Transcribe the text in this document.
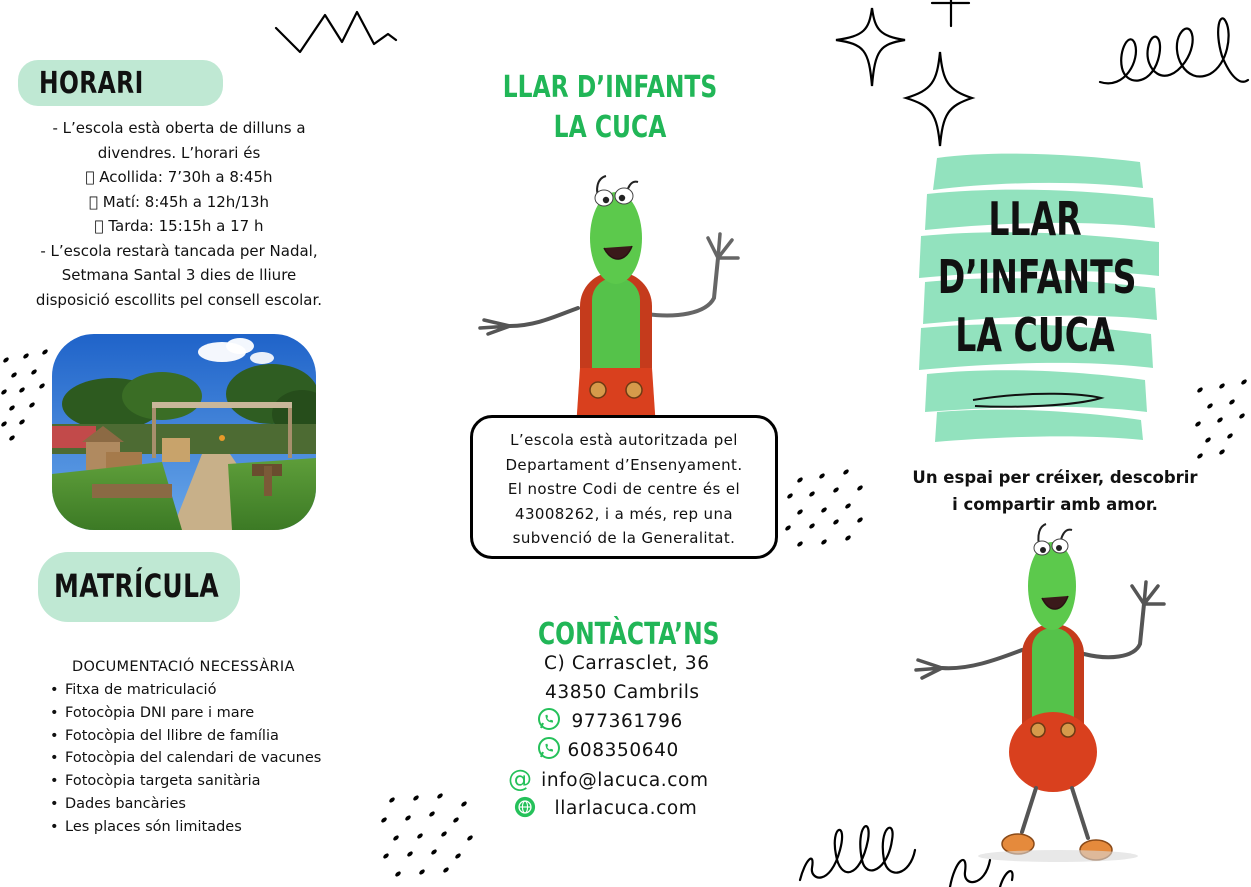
HORARI
- L’escola està oberta de dilluns a
divendres. L’horari és
  Acollida: 7’30h a 8:45h
  Matí: 8:45h a 12h/13h
  Tarda: 15:15h a 17 h
- L’escola restarà tancada per Nadal,
Setmana Santal 3 dies de lliure
disposició escollits pel consell escolar.
MATRÍCULA
DOCUMENTACIÓ NECESSÀRIA
• Fitxa de matriculació
• Fotocòpia DNI pare i mare
• Fotocòpia del llibre de família
• Fotocòpia del calendari de vacunes
• Fotocòpia targeta sanitària
• Dades bancàries
• Les places són limitades
LLAR D’INFANTS
LA CUCA
L’escola està autoritzada pel
Departament d’Ensenyament.
El nostre Codi de centre és el
43008262, i a més, rep una
subvenció de la Generalitat.
CONTÀCTA’NS
C) Carrasclet, 36
43850 Cambrils
977361796
608350640
@ info@lacuca.com
llarlacuca.com
LLAR
D’INFANTS
LA CUCA
Un espai per créixer, descobrir
i compartir amb amor.
